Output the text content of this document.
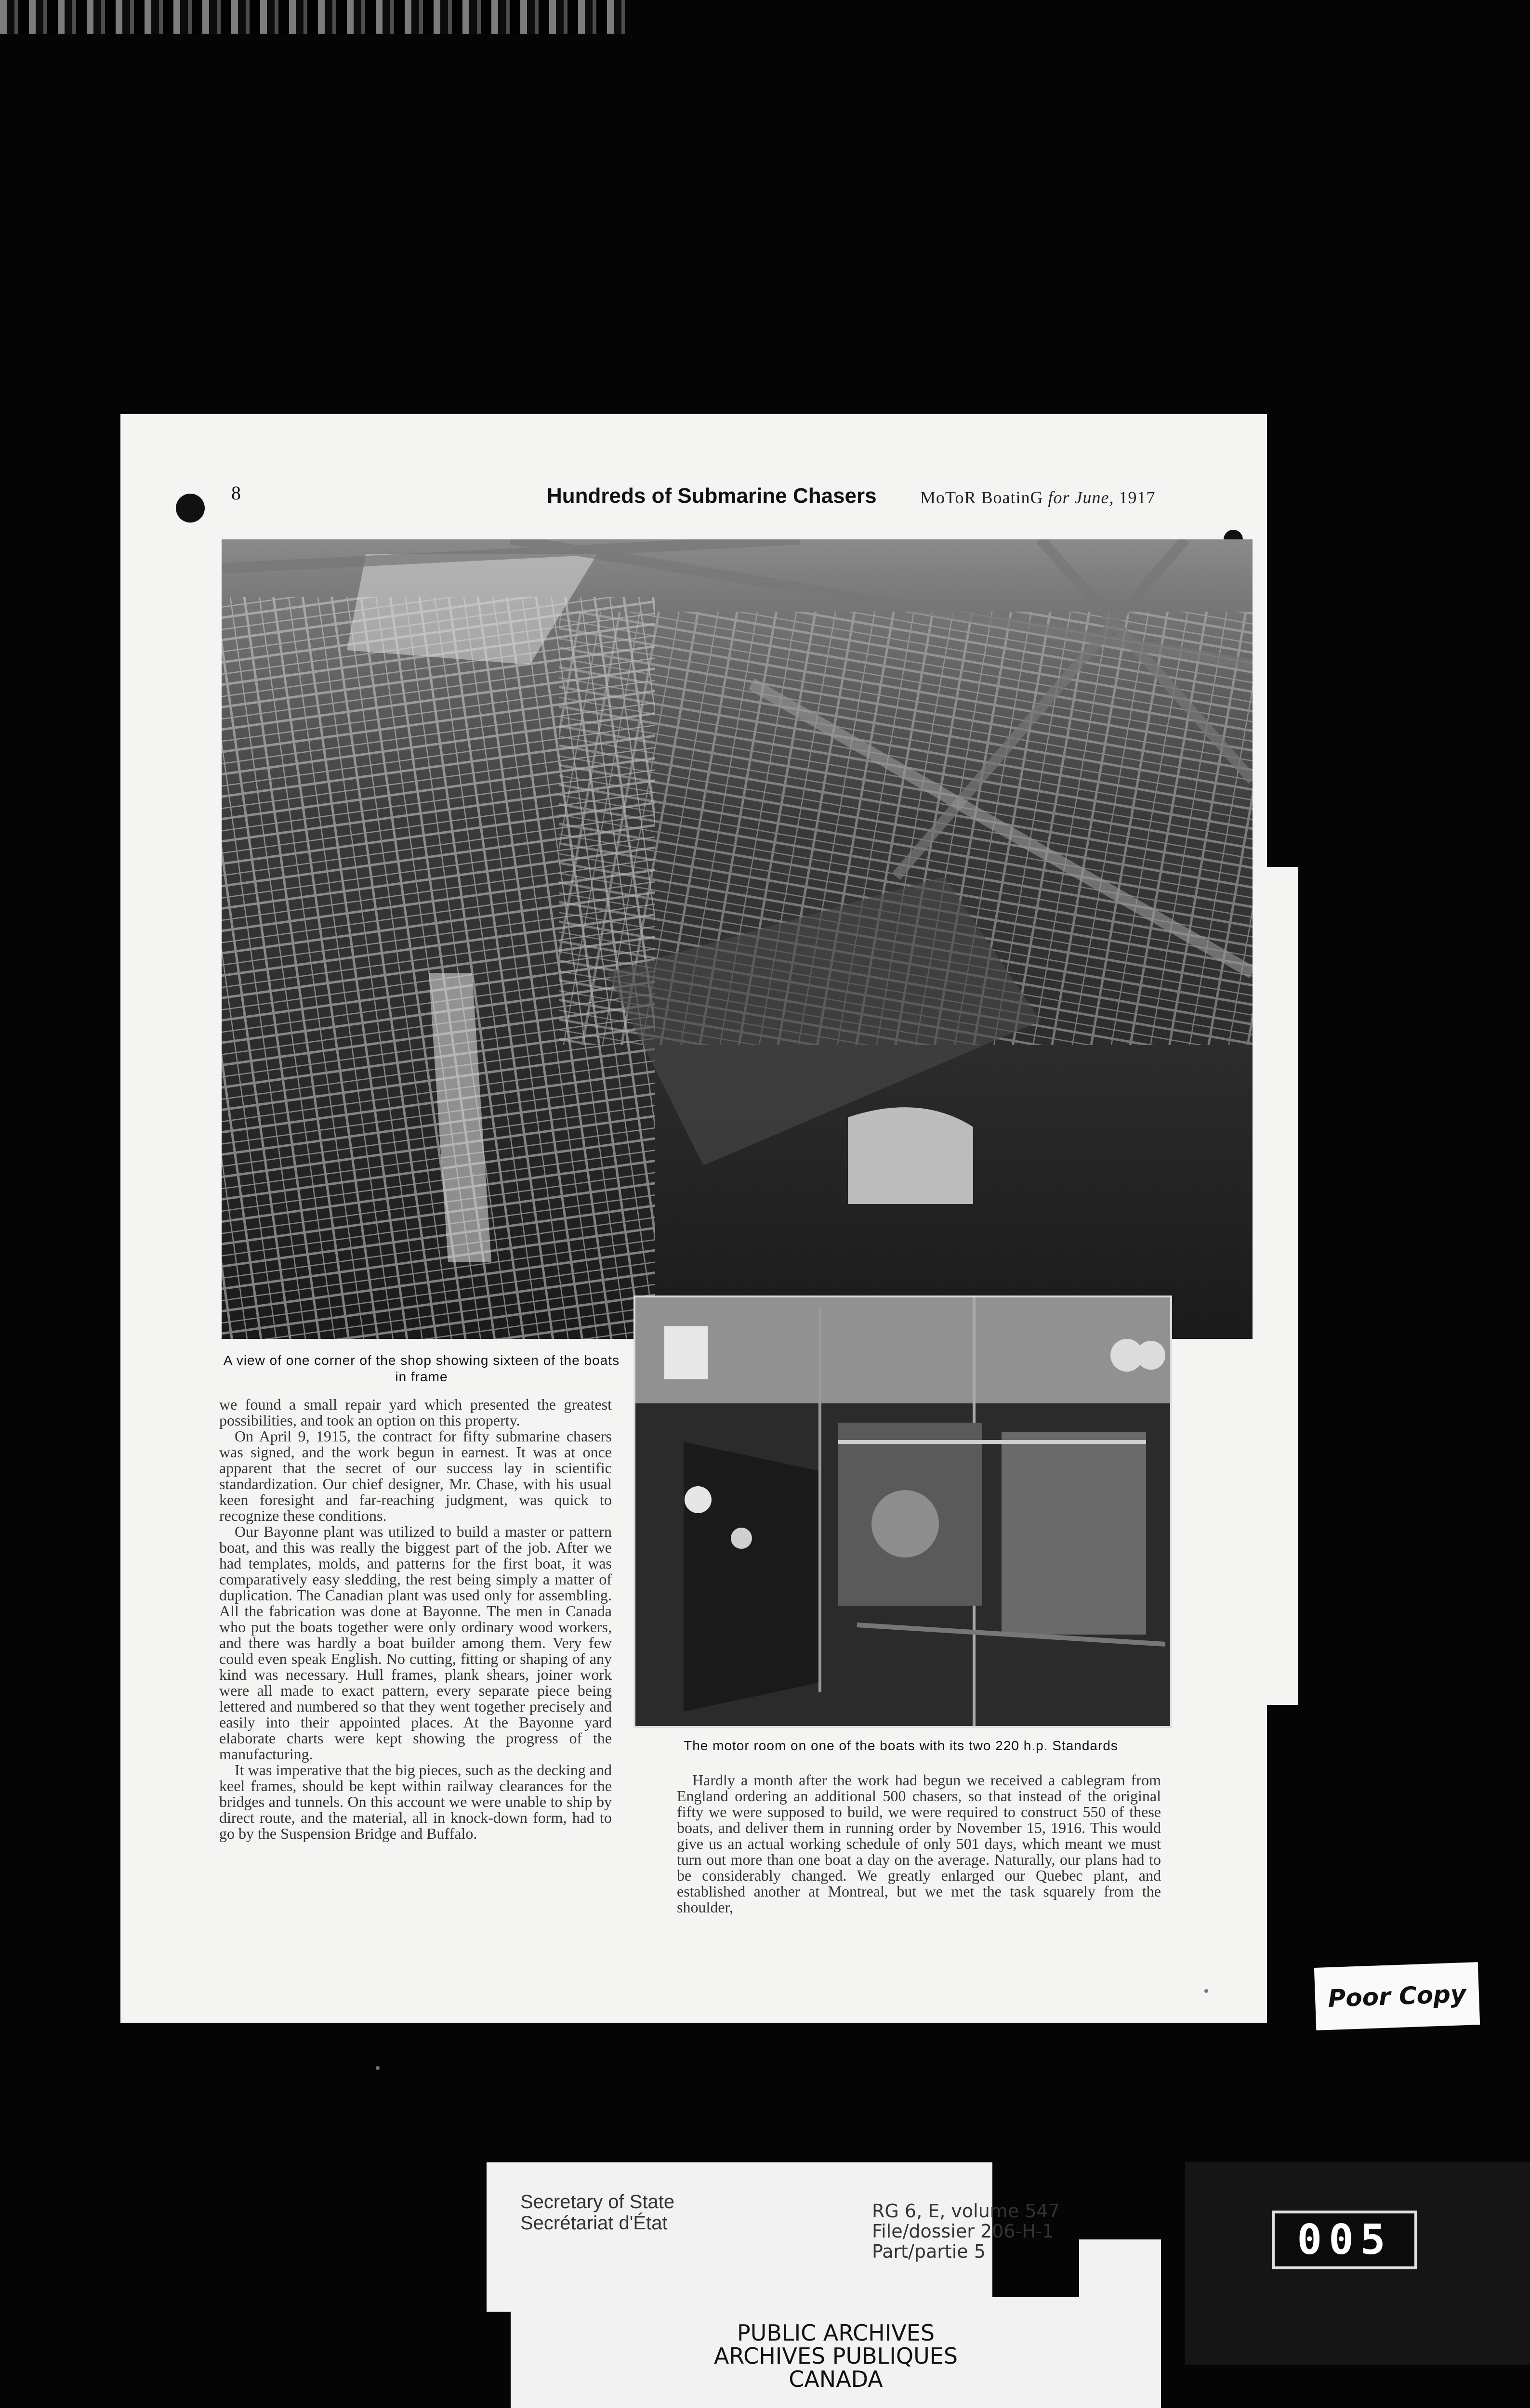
8	Hundreds of Submarine Chasers	MoToR BoatinG for June, 1917
A view of one corner of the shop showing sixteen of the boats in frame
The motor room on one of the boats with its two 220 h.p. Standards

we found a small repair yard which presented the greatest possibilities, and took an option on this property.

On April 9, 1915, the contract for fifty submarine chasers was signed, and the work begun in earnest. It was at once apparent that the secret of our success lay in scientific standardization. Our chief designer, Mr. Chase, with his usual keen foresight and far-reaching judgment, was quick to recognize these conditions.

Our Bayonne plant was utilized to build a master or pattern boat, and this was really the biggest part of the job. After we had templates, molds, and patterns for the first boat, it was comparatively easy sledding, the rest being simply a matter of duplication. The Canadian plant was used only for assembling. All the fabrication was done at Bayonne. The men in Canada who put the boats together were only ordinary wood workers, and there was hardly a boat builder among them. Very few could even speak English. No cutting, fitting or shaping of any kind was necessary. Hull frames, plank shears, joiner work were all made to exact pattern, every separate piece being lettered and numbered so that they went together precisely and easily into their appointed places. At the Bayonne yard elaborate charts were kept showing the progress of the manufacturing.

It was imperative that the big pieces, such as the decking and keel frames, should be kept within railway clearances for the bridges and tunnels. On this account we were unable to ship by direct route, and the material, all in knock-down form, had to go by the Suspension Bridge and Buffalo.

Hardly a month after the work had begun we received a cablegram from England ordering an additional 500 chasers, so that instead of the original fifty we were supposed to build, we were required to construct 550 of these boats, and deliver them in running order by November 15, 1916. This would give us an actual working schedule of only 501 days, which meant we must turn out more than one boat a day on the average. Naturally, our plans had to be considerably changed. We greatly enlarged our Quebec plant, and established another at Montreal, but we met the task squarely from the shoulder,

Poor Copy
Secretary of State
Secrétariat d'État
RG 6, E, volume 547
File/dossier 206-H-1
Part/partie 5
PUBLIC ARCHIVES
ARCHIVES PUBLIQUES
CANADA
005
